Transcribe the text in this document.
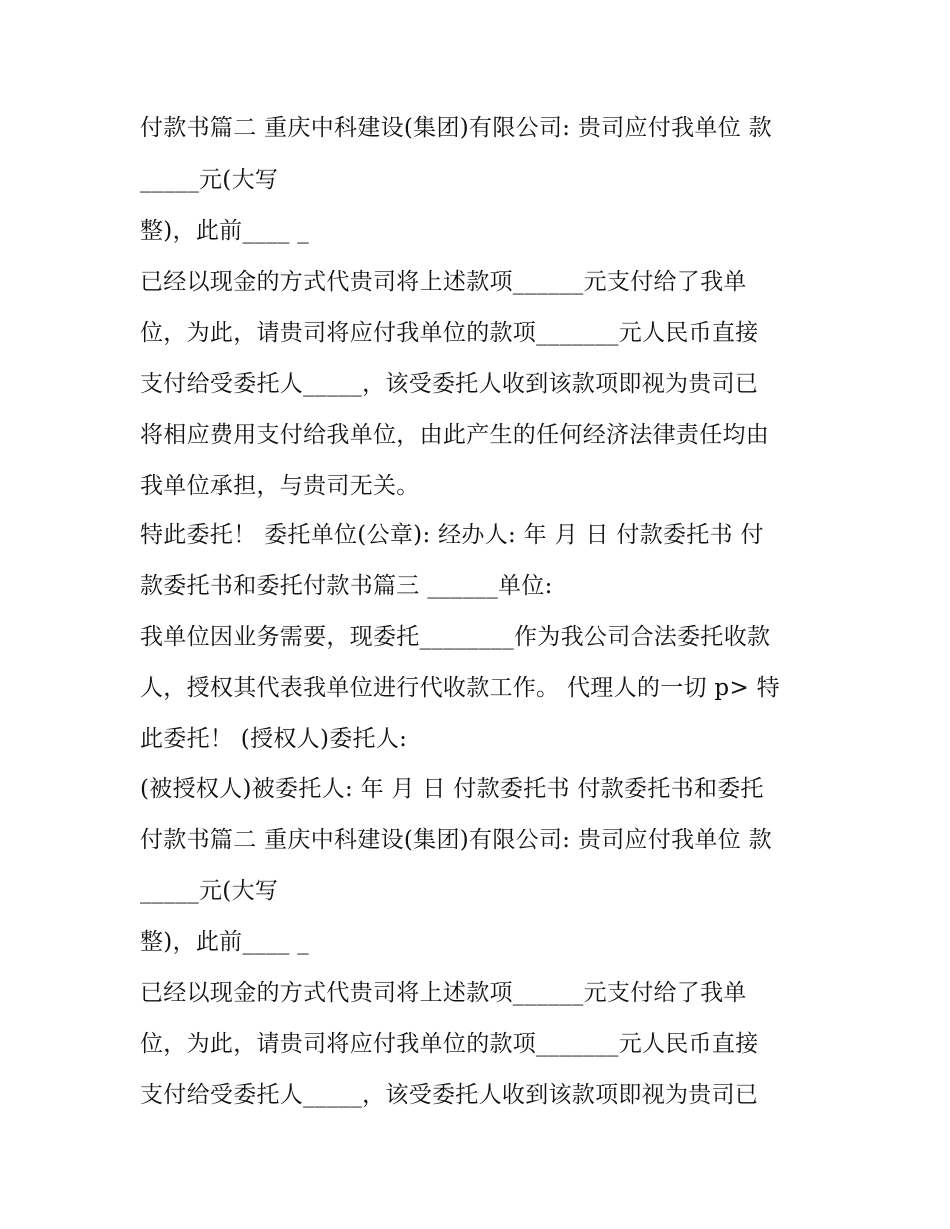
付款书篇二 重庆中科建设(集团)有限公司: 贵司应付我单位 款
_____元(大写
整)，此前____ _
已经以现金的方式代贵司将上述款项______元支付给了我单
位，为此，请贵司将应付我单位的款项_______元人民币直接
支付给受委托人_____，该受委托人收到该款项即视为贵司已
将相应费用支付给我单位，由此产生的任何经济法律责任均由
我单位承担，与贵司无关。
特此委托！ 委托单位(公章): 经办人: 年 月 日 付款委托书 付
款委托书和委托付款书篇三 ______单位:
我单位因业务需要，现委托________作为我公司合法委托收款
人，授权其代表我单位进行代收款工作。 代理人的一切 p> 特
此委托！ (授权人)委托人:
(被授权人)被委托人: 年 月 日 付款委托书 付款委托书和委托
付款书篇二 重庆中科建设(集团)有限公司: 贵司应付我单位 款
_____元(大写
整)，此前____ _
已经以现金的方式代贵司将上述款项______元支付给了我单
位，为此，请贵司将应付我单位的款项_______元人民币直接
支付给受委托人_____，该受委托人收到该款项即视为贵司已
